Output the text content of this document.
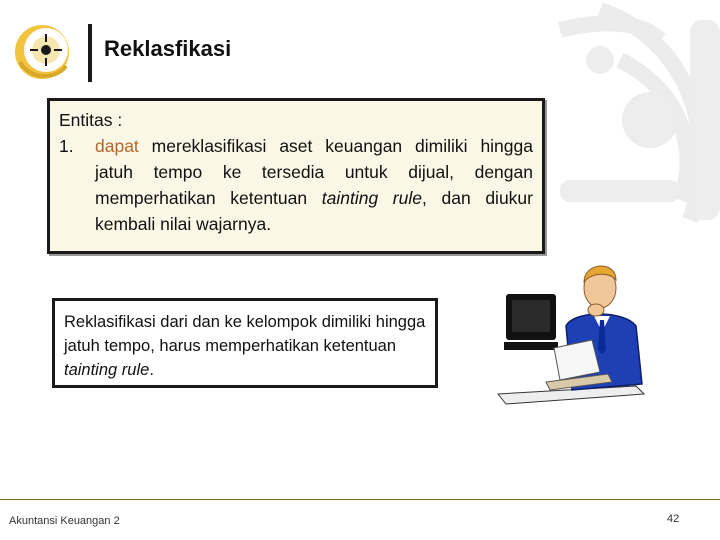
Reklasfikasi
Entitas :
1.	dapat mereklasifikasi aset keuangan dimiliki hingga jatuh tempo ke tersedia untuk dijual, dengan memperhatikan ketentuan tainting rule, dan diukur kembali nilai wajarnya.
Reklasifikasi dari dan ke kelompok dimiliki hingga jatuh tempo, harus memperhatikan ketentuan tainting rule.
Akuntansi Keuangan 2	42
